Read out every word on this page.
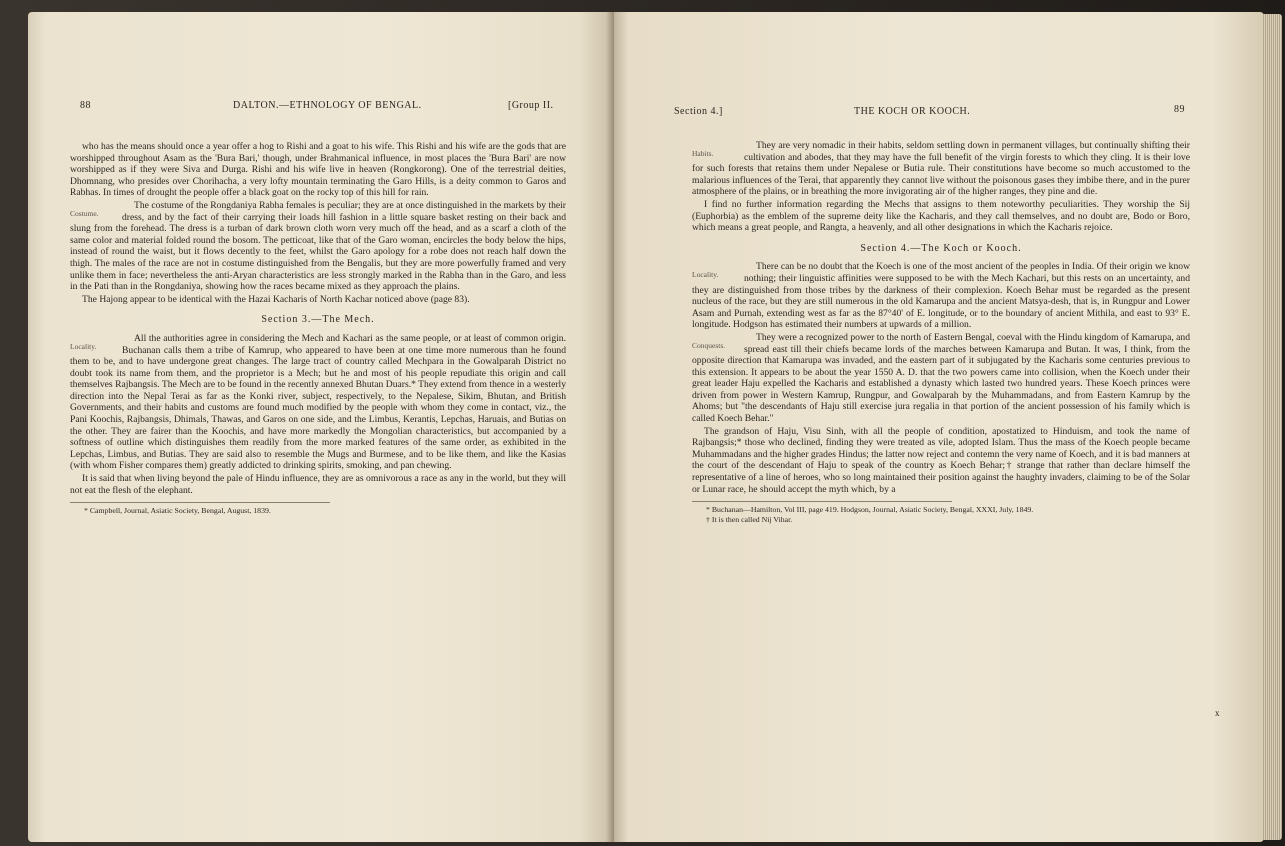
88	DALTON.—ETHNOLOGY OF BENGAL.	[Group II.

who has the means should once a year offer a hog to Rishi and a goat to his wife. This Rishi and his wife are the gods that are worshipped throughout Asam as the 'Bura Bari,' though, under Brahmanical influence, in most places the 'Bura Bari' are now worshipped as if they were Siva and Durga. Rishi and his wife live in heaven (Rongkorong). One of the terrestrial deities, Dhomnang, who presides over Chorihacha, a very lofty mountain terminating the Garo Hills, is a deity common to Garos and Rabhas. In times of drought the people offer a black goat on the rocky top of this hill for rain.

Costume.
The costume of the Rongdaniya Rabha females is peculiar; they are at once distinguished in the markets by their dress, and by the fact of their carrying their loads hill fashion in a little square basket resting on their back and slung from the forehead. The dress is a turban of dark brown cloth worn very much off the head, and as a scarf a cloth of the same color and material folded round the bosom. The petticoat, like that of the Garo woman, encircles the body below the hips, instead of round the waist, but it flows decently to the feet, whilst the Garo apology for a robe does not reach half down the thigh. The males of the race are not in costume distinguished from the Bengalis, but they are more powerfully framed and very unlike them in face; nevertheless the anti-Aryan characteristics are less strongly marked in the Rabha than in the Garo, and less in the Pati than in the Rongdaniya, showing how the races became mixed as they approach the plains.

The Hajong appear to be identical with the Hazai Kacharis of North Kachar noticed above (page 83).

Section 3.—The Mech.

Locality.
All the authorities agree in considering the Mech and Kachari as the same people, or at least of common origin. Buchanan calls them a tribe of Kamrup, who appeared to have been at one time more numerous than he found them to be, and to have undergone great changes. The large tract of country called Mechpara in the Gowalparah District no doubt took its name from them, and the proprietor is a Mech; but he and most of his people repudiate this origin and call themselves Rajbangsis. The Mech are to be found in the recently annexed Bhutan Duars.* They extend from thence in a westerly direction into the Nepal Terai as far as the Konki river, subject, respectively, to the Nepalese, Sikim, Bhutan, and British Governments, and their habits and customs are found much modified by the people with whom they come in contact, viz., the Pani Koochis, Rajbangsis, Dhimals, Thawas, and Garos on one side, and the Limbus, Kerantis, Lepchas, Haruais, and Butias on the other. They are fairer than the Koochis, and have more markedly the Mongolian characteristics, but accompanied by a softness of outline which distinguishes them readily from the more marked features of the same order, as exhibited in the Lepchas, Limbus, and Butias. They are said also to resemble the Mugs and Burmese, and to be like them, and like the Kasias (with whom Fisher compares them) greatly addicted to drinking spirits, smoking, and pan chewing.

It is said that when living beyond the pale of Hindu influence, they are as omnivorous a race as any in the world, but they will not eat the flesh of the elephant.

* Campbell, Journal, Asiatic Society, Bengal, August, 1839.
Section 4.]	THE KOCH OR KOOCH.	89

Habits.
They are very nomadic in their habits, seldom settling down in permanent villages, but continually shifting their cultivation and abodes, that they may have the full benefit of the virgin forests to which they cling. It is their love for such forests that retains them under Nepalese or Butia rule. Their constitutions have become so much accustomed to the malarious influences of the Terai, that apparently they cannot live without the poisonous gases they imbibe there, and in the purer atmosphere of the plains, or in breathing the more invigorating air of the higher ranges, they pine and die.

I find no further information regarding the Mechs that assigns to them noteworthy peculiarities. They worship the Sij (Euphorbia) as the emblem of the supreme deity like the Kacharis, and they call themselves, and no doubt are, Bodo or Boro, which means a great people, and Rangta, a heavenly, and all other designations in which the Kacharis rejoice.

Section 4.—The Koch or Kooch.

Locality.
There can be no doubt that the Koech is one of the most ancient of the peoples in India. Of their origin we know nothing; their linguistic affinities were supposed to be with the Mech Kachari, but this rests on an uncertainty, and they are distinguished from those tribes by the darkness of their complexion. Koech Behar must be regarded as the present nucleus of the race, but they are still numerous in the old Kamarupa and the ancient Matsya-desh, that is, in Rungpur and Lower Asam and Purnah, extending west as far as the 87°40' of E. longitude, or to the boundary of ancient Mithila, and east to 93° E. longitude. Hodgson has estimated their numbers at upwards of a million.

Conquests.
They were a recognized power to the north of Eastern Bengal, coeval with the Hindu kingdom of Kamarupa, and spread east till their chiefs became lords of the marches between Kamarupa and Butan. It was, I think, from the opposite direction that Kamarupa was invaded, and the eastern part of it subjugated by the Kacharis some centuries previous to this extension. It appears to be about the year 1550 A. D. that the two powers came into collision, when the Koech under their great leader Haju expelled the Kacharis and established a dynasty which lasted two hundred years. These Koech princes were driven from power in Western Kamrup, Rungpur, and Gowalparah by the Muhammadans, and from Eastern Kamrup by the Ahoms; but "the descendants of Haju still exercise jura regalia in that portion of the ancient possession of his family which is called Koech Behar."

The grandson of Haju, Visu Sinh, with all the people of condition, apostatized to Hinduism, and took the name of Rajbangsis;* those who declined, finding they were treated as vile, adopted Islam. Thus the mass of the Koech people became Muhammadans and the higher grades Hindus; the latter now reject and contemn the very name of Koech, and it is bad manners at the court of the descendant of Haju to speak of the country as Koech Behar;† strange that rather than declare himself the representative of a line of heroes, who so long maintained their position against the haughty invaders, claiming to be of the Solar or Lunar race, he should accept the myth which, by a

* Buchanan—Hamilton, Vol III, page 419. Hodgson, Journal, Asiatic Society, Bengal, XXXI, July, 1849.
† It is then called Nij Vihar.
x
